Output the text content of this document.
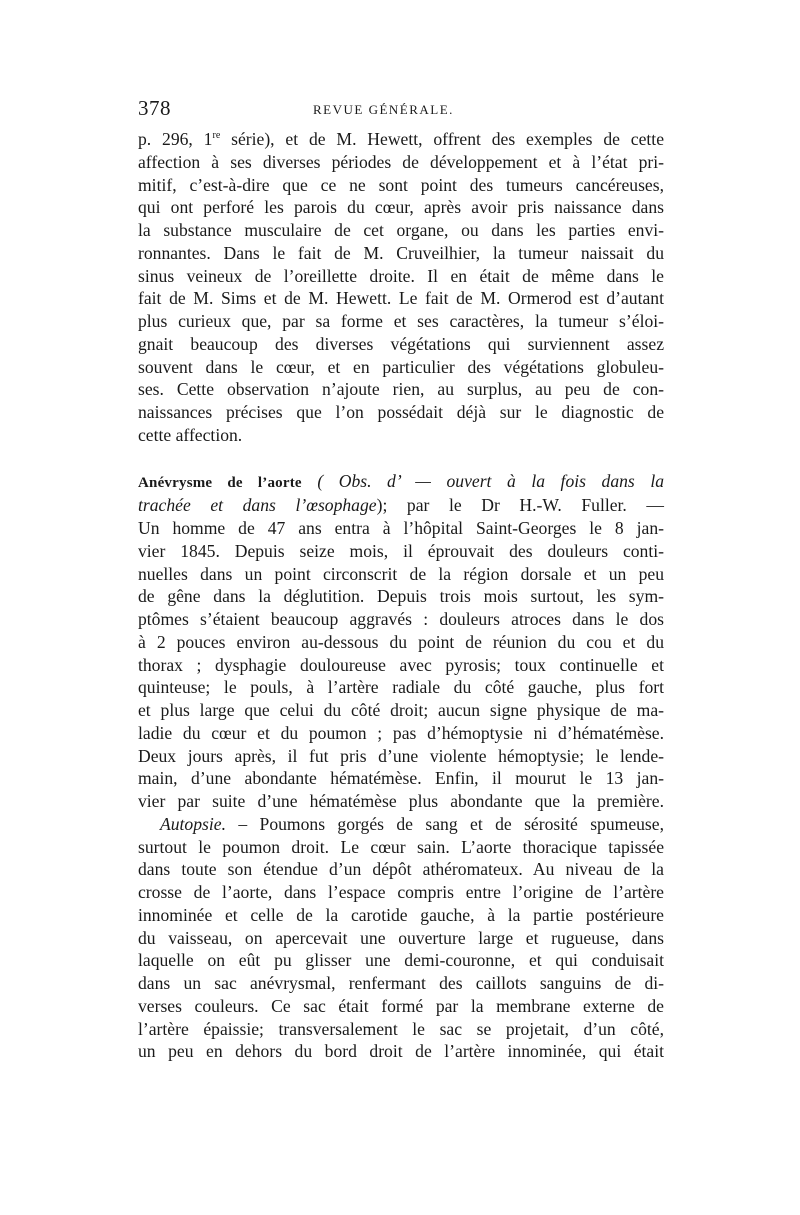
378	REVUE GÉNÉRALE.

p. 296, 1re série), et de M. Hewett, offrent des exemples de cette
affection à ses diverses périodes de développement et à l’état pri-
mitif, c’est-à-dire que ce ne sont point des tumeurs cancéreuses,
qui ont perforé les parois du cœur, après avoir pris naissance dans
la substance musculaire de cet organe, ou dans les parties envi-
ronnantes. Dans le fait de M. Cruveilhier, la tumeur naissait du
sinus veineux de l’oreillette droite. Il en était de même dans le
fait de M. Sims et de M. Hewett. Le fait de M. Ormerod est d’autant
plus curieux que, par sa forme et ses caractères, la tumeur s’éloi-
gnait beaucoup des diverses végétations qui surviennent assez
souvent dans le cœur, et en particulier des végétations globuleu-
ses. Cette observation n’ajoute rien, au surplus, au peu de con-
naissances précises que l’on possédait déjà sur le diagnostic de
cette affection.

Anévrysme de l’aorte ( Obs. d’ — ouvert à la fois dans la
trachée et dans l’œsophage); par le Dr H.-W. Fuller. —
Un homme de 47 ans entra à l’hôpital Saint-Georges le 8 jan-
vier 1845. Depuis seize mois, il éprouvait des douleurs conti-
nuelles dans un point circonscrit de la région dorsale et un peu
de gêne dans la déglutition. Depuis trois mois surtout, les sym-
ptômes s’étaient beaucoup aggravés : douleurs atroces dans le dos
à 2 pouces environ au-dessous du point de réunion du cou et du
thorax ; dysphagie douloureuse avec pyrosis; toux continuelle et
quinteuse; le pouls, à l’artère radiale du côté gauche, plus fort
et plus large que celui du côté droit; aucun signe physique de ma-
ladie du cœur et du poumon ; pas d’hémoptysie ni d’hématémèse.
Deux jours après, il fut pris d’une violente hémoptysie; le lende-
main, d’une abondante hématémèse. Enfin, il mourut le 13 jan-
vier par suite d’une hématémèse plus abondante que la première.
Autopsie. – Poumons gorgés de sang et de sérosité spumeuse,
surtout le poumon droit. Le cœur sain. L’aorte thoracique tapissée
dans toute son étendue d’un dépôt athéromateux. Au niveau de la
crosse de l’aorte, dans l’espace compris entre l’origine de l’artère
innominée et celle de la carotide gauche, à la partie postérieure
du vaisseau, on apercevait une ouverture large et rugueuse, dans
laquelle on eût pu glisser une demi-couronne, et qui conduisait
dans un sac anévrysmal, renfermant des caillots sanguins de di-
verses couleurs. Ce sac était formé par la membrane externe de
l’artère épaissie; transversalement le sac se projetait, d’un côté,
un peu en dehors du bord droit de l’artère innominée, qui était
